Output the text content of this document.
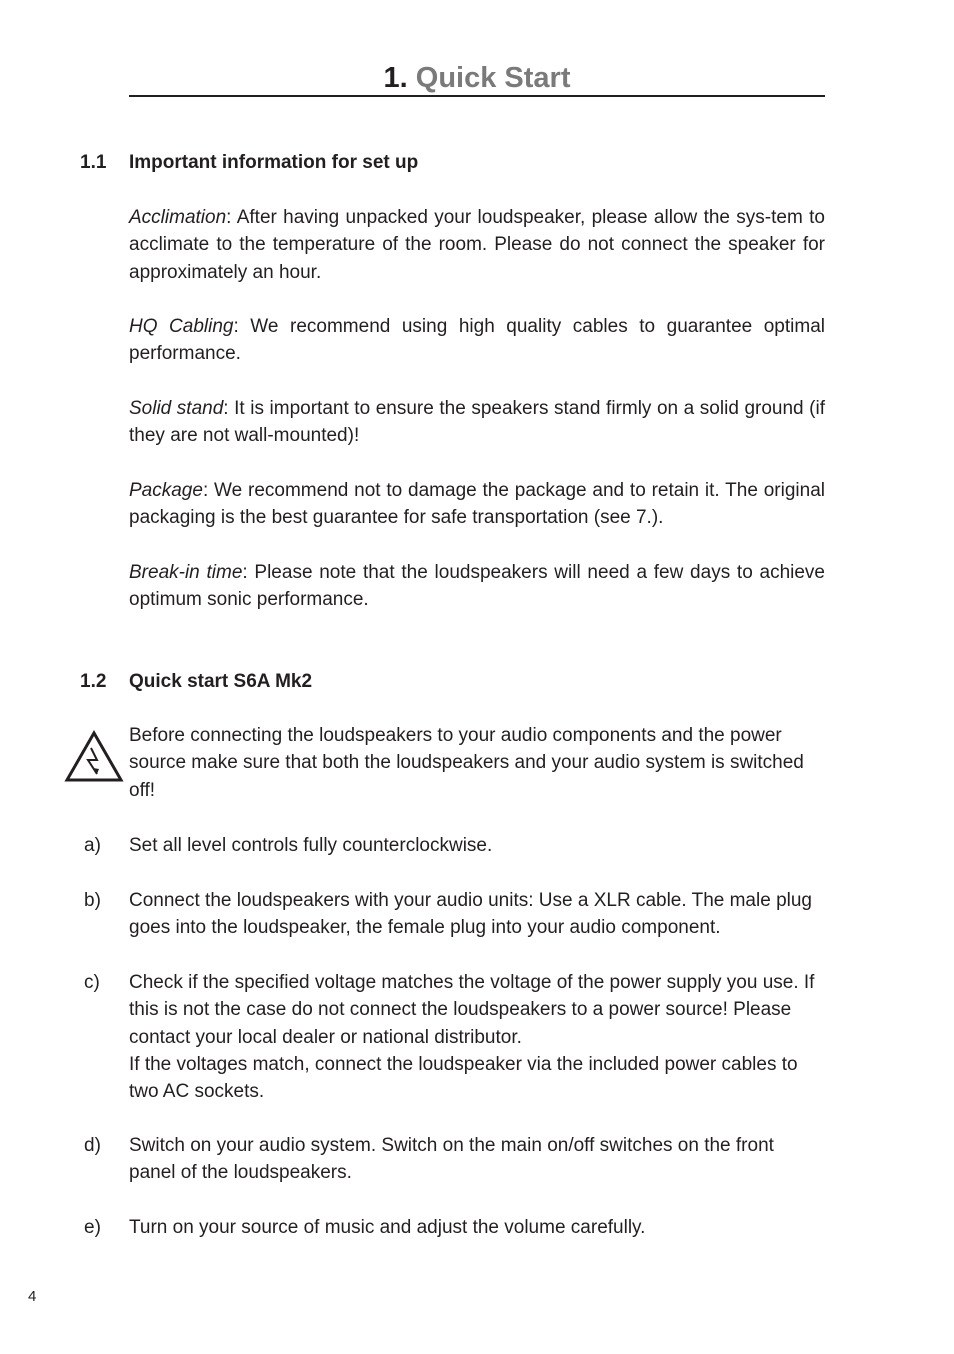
1. Quick Start
1.1 Important information for set up
Acclimation: After having unpacked your loudspeaker, please allow the sys-tem to acclimate to the temperature of the room. Please do not connect the speaker for approximately an hour.
HQ Cabling: We recommend using high quality cables to guarantee optimal performance.
Solid stand: It is important to ensure the speakers stand firmly on a solid ground (if they are not wall-mounted)!
Package: We recommend not to damage the package and to retain it. The original packaging is the best guarantee for safe transportation (see 7.).
Break-in time: Please note that the loudspeakers will need a few days to achieve optimum sonic performance.
1.2 Quick start S6A Mk2
Before connecting the loudspeakers to your audio components and the power source make sure that both the loudspeakers and your audio system is switched off!
a) Set all level controls fully counterclockwise.
b) Connect the loudspeakers with your audio units: Use a XLR cable. The male plug goes into the loudspeaker, the female plug into your audio component.
c) Check if the specified voltage matches the voltage of the power supply you use. If this is not the case do not connect the loudspeakers to a power source! Please contact your local dealer or national distributor.
If the voltages match, connect the loudspeaker via the included power cables to two AC sockets.
d) Switch on your audio system. Switch on the main on/off switches on the front panel of the loudspeakers.
e) Turn on your source of music and adjust the volume carefully.
4
